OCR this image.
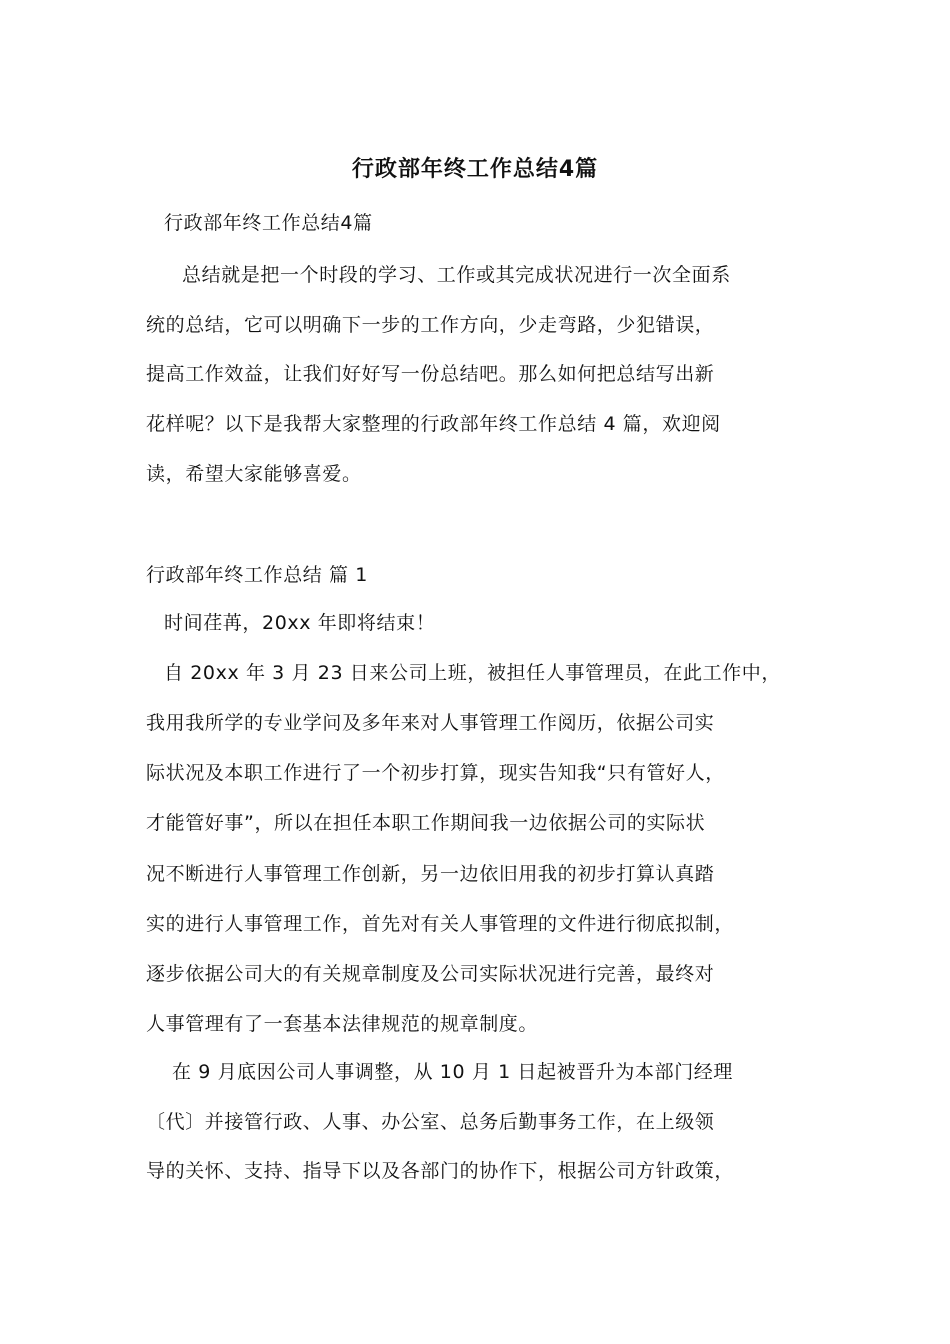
行政部年终工作总结4篇
行政部年终工作总结4篇
总结就是把一个时段的学习、工作或其完成状况进行一次全面系
统的总结，它可以明确下一步的工作方向，少走弯路，少犯错误，
提高工作效益，让我们好好写一份总结吧。那么如何把总结写出新
花样呢？以下是我帮大家整理的行政部年终工作总结 4 篇，欢迎阅
读，希望大家能够喜爱。
行政部年终工作总结 篇 1
时间荏苒，20xx 年即将结束！
自 20xx 年 3 月 23 日来公司上班，被担任人事管理员，在此工作中，
我用我所学的专业学问及多年来对人事管理工作阅历，依据公司实
际状况及本职工作进行了一个初步打算，现实告知我“只有管好人，
才能管好事”，所以在担任本职工作期间我一边依据公司的实际状
况不断进行人事管理工作创新，另一边依旧用我的初步打算认真踏
实的进行人事管理工作，首先对有关人事管理的文件进行彻底拟制，
逐步依据公司大的有关规章制度及公司实际状况进行完善，最终对
人事管理有了一套基本法律规范的规章制度。
在 9 月底因公司人事调整，从 10 月 1 日起被晋升为本部门经理
〔代〕并接管行政、人事、办公室、总务后勤事务工作，在上级领
导的关怀、支持、指导下以及各部门的协作下，根据公司方针政策，
